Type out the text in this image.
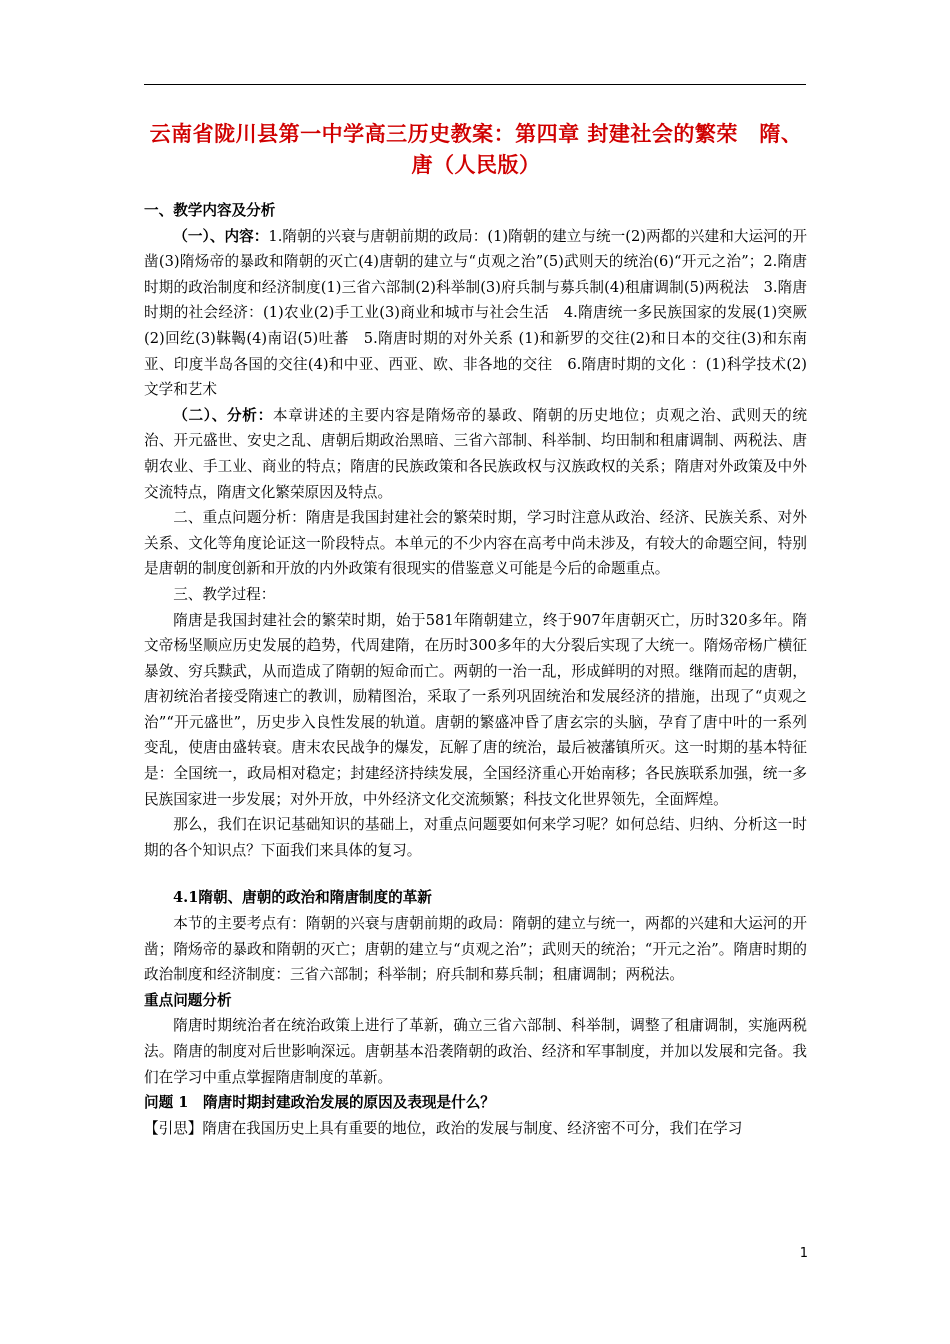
云南省陇川县第一中学高三历史教案：第四章 封建社会的繁荣　隋、唐（人民版）

一、教学内容及分析

（一）、内容：1.隋朝的兴衰与唐朝前期的政局：(1)隋朝的建立与统一(2)两都的兴建和大运河的开凿(3)隋炀帝的暴政和隋朝的灭亡(4)唐朝的建立与“贞观之治”(5)武则天的统治(6)“开元之治”；2.隋唐时期的政治制度和经济制度(1)三省六部制(2)科举制(3)府兵制与募兵制(4)租庸调制(5)两税法　3.隋唐时期的社会经济：(1)农业(2)手工业(3)商业和城市与社会生活　4.隋唐统一多民族国家的发展(1)突厥(2)回纥(3)靺鞨(4)南诏(5)吐蕃　5.隋唐时期的对外关系 (1)和新罗的交往(2)和日本的交往(3)和东南亚、印度半岛各国的交往(4)和中亚、西亚、欧、非各地的交往　6.隋唐时期的文化 ：(1)科学技术(2) 文学和艺术

（二）、分析：本章讲述的主要内容是隋炀帝的暴政、隋朝的历史地位；贞观之治、武则天的统治、开元盛世、安史之乱、唐朝后期政治黑暗、三省六部制、科举制、均田制和租庸调制、两税法、唐朝农业、手工业、商业的特点；隋唐的民族政策和各民族政权与汉族政权的关系；隋唐对外政策及中外交流特点，隋唐文化繁荣原因及特点。

二、重点问题分析：隋唐是我国封建社会的繁荣时期，学习时注意从政治、经济、民族关系、对外关系、文化等角度论证这一阶段特点。本单元的不少内容在高考中尚未涉及，有较大的命题空间，特别是唐朝的制度创新和开放的内外政策有很现实的借鉴意义可能是今后的命题重点。

三、教学过程：

隋唐是我国封建社会的繁荣时期，始于581年隋朝建立，终于907年唐朝灭亡，历时320多年。隋文帝杨坚顺应历史发展的趋势，代周建隋，在历时300多年的大分裂后实现了大统一。隋炀帝杨广横征暴敛、穷兵黩武，从而造成了隋朝的短命而亡。两朝的一治一乱，形成鲜明的对照。继隋而起的唐朝，唐初统治者接受隋速亡的教训，励精图治，采取了一系列巩固统治和发展经济的措施，出现了“贞观之治”“开元盛世”，历史步入良性发展的轨道。唐朝的繁盛冲昏了唐玄宗的头脑，孕育了唐中叶的一系列变乱，使唐由盛转衰。唐末农民战争的爆发，瓦解了唐的统治，最后被藩镇所灭。这一时期的基本特征是：全国统一，政局相对稳定；封建经济持续发展，全国经济重心开始南移；各民族联系加强，统一多民族国家进一步发展；对外开放，中外经济文化交流频繁；科技文化世界领先，全面辉煌。

那么，我们在识记基础知识的基础上，对重点问题要如何来学习呢？如何总结、归纳、分析这一时期的各个知识点？下面我们来具体的复习。

4.1隋朝、唐朝的政治和隋唐制度的革新

本节的主要考点有：隋朝的兴衰与唐朝前期的政局：隋朝的建立与统一，两都的兴建和大运河的开凿；隋炀帝的暴政和隋朝的灭亡；唐朝的建立与“贞观之治”；武则天的统治；“开元之治”。隋唐时期的政治制度和经济制度：三省六部制；科举制；府兵制和募兵制；租庸调制；两税法。

重点问题分析

隋唐时期统治者在统治政策上进行了革新，确立三省六部制、科举制，调整了租庸调制，实施两税法。隋唐的制度对后世影响深远。唐朝基本沿袭隋朝的政治、经济和军事制度，并加以发展和完备。我们在学习中重点掌握隋唐制度的革新。

问题 1　隋唐时期封建政治发展的原因及表现是什么？

【引思】隋唐在我国历史上具有重要的地位，政治的发展与制度、经济密不可分，我们在学习

1
